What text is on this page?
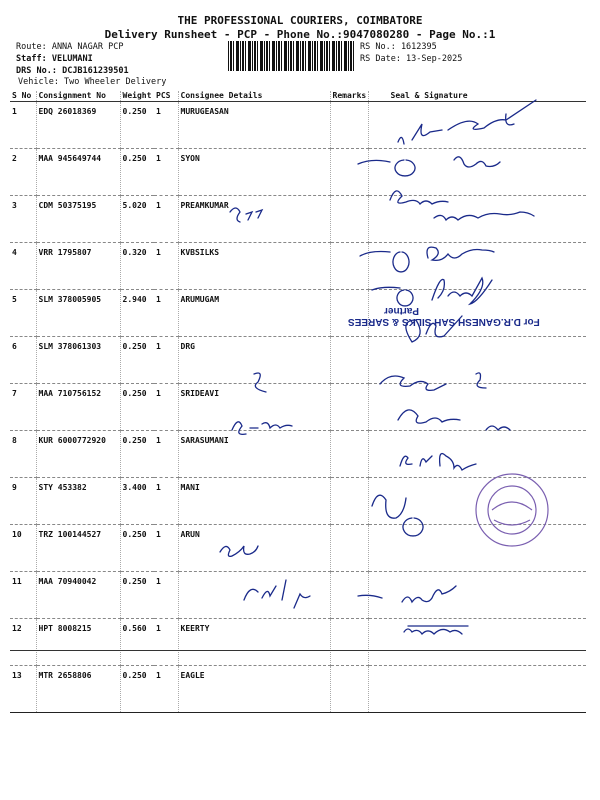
THE PROFESSIONAL COURIERS, COIMBATORE
Delivery Runsheet - PCP - Phone No.:9047080280 - Page No.:1
Route: ANNA NAGAR PCP
Staff: VELUMANI
DRS No.: DCJB161239501
Vehicle: Two Wheeler Delivery
RS No.: 1612395
RS Date: 13-Sep-2025
S No	Consignment No	Weight	PCS	Consignee Details	Remarks	Seal & Signature
1	EDQ 26018369	0.250	1	MURUGEASAN		
2	MAA 945649744	0.250	1	SYON		
3	CDM 50375195	5.020	1	PREAMKUMAR		
4	VRR 1795807	0.320	1	KVBSILKS		
5	SLM 378005905	2.940	1	ARUMUGAM		
6	SLM 378061303	0.250	1	DRG		
7	MAA 710756152	0.250	1	SRIDEAVI		
8	KUR 6000772920	0.250	1	SARASUMANI		
9	STY 453382	3.400	1	MANI		
10	TRZ 100144527	0.250	1	ARUN		
11	MAA 70940042	0.250	1			
12	HPT 8008215	0.560	1	KEERTY		
13	MTR 2658806	0.250	1	EAGLE		
For D.R.GANESH SAH SILKS & SAREES
Partner
